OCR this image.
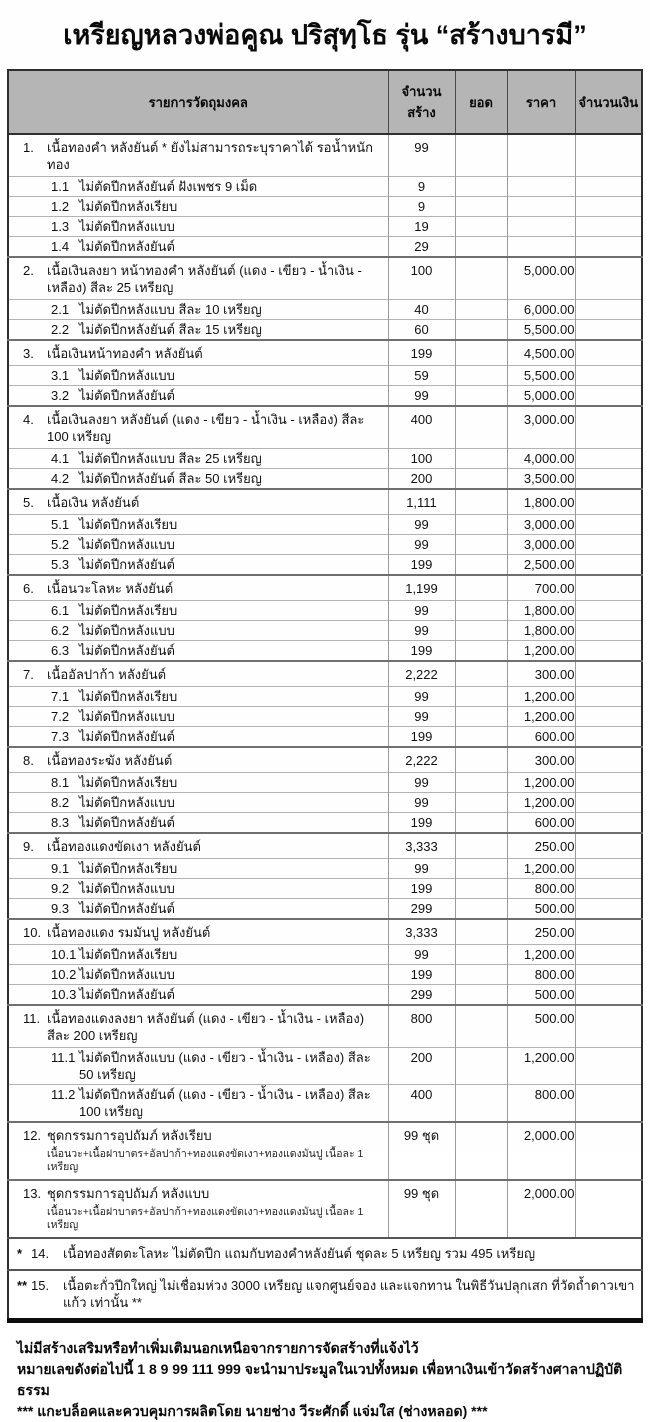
เหรียญหลวงพ่อคูณ ปริสุทฺโธ รุ่น “สร้างบารมี”
รายการวัดถุมงคล	จำนวนสร้าง	ยอด	ราคา	จำนวนเงิน

1. เนื้อทองคำ หลังยันต์ * ยังไม่สามารถระบุราคาได้ รอน้ำหนักทอง	99			

1.1 ไม่ตัดปีกหลังยันต์ ฝังเพชร 9 เม็ด	9			

1.2 ไม่ตัดปีกหลังเรียบ	9			

1.3 ไม่ตัดปีกหลังแบบ	19			

1.4 ไม่ตัดปีกหลังยันต์	29			

2. เนื้อเงินลงยา หน้าทองคำ หลังยันต์ (แดง - เขียว - น้ำเงิน - เหลือง) สีละ 25 เหรียญ	100		5,000.00	

2.1 ไม่ตัดปีกหลังแบบ สีละ 10 เหรียญ	40		6,000.00	

2.2 ไม่ตัดปีกหลังยันต์ สีละ 15 เหรียญ	60		5,500.00	

3. เนื้อเงินหน้าทองคำ หลังยันต์	199		4,500.00	

3.1 ไม่ตัดปีกหลังแบบ	59		5,500.00	

3.2 ไม่ตัดปีกหลังยันต์	99		5,000.00	

4. เนื้อเงินลงยา หลังยันต์ (แดง - เขียว - น้ำเงิน - เหลือง) สีละ 100 เหรียญ	400		3,000.00	

4.1 ไม่ตัดปีกหลังแบบ สีละ 25 เหรียญ	100		4,000.00	

4.2 ไม่ตัดปีกหลังยันต์ สีละ 50 เหรียญ	200		3,500.00	

5. เนื้อเงิน หลังยันต์	1,111		1,800.00	

5.1 ไม่ตัดปีกหลังเรียบ	99		3,000.00	

5.2 ไม่ตัดปีกหลังแบบ	99		3,000.00	

5.3 ไม่ตัดปีกหลังยันต์	199		2,500.00	

6. เนื้อนวะโลหะ หลังยันต์	1,199		700.00	

6.1 ไม่ตัดปีกหลังเรียบ	99		1,800.00	

6.2 ไม่ตัดปีกหลังแบบ	99		1,800.00	

6.3 ไม่ตัดปีกหลังยันต์	199		1,200.00	

7. เนื้ออัลปาก้า หลังยันต์	2,222		300.00	

7.1 ไม่ตัดปีกหลังเรียบ	99		1,200.00	

7.2 ไม่ตัดปีกหลังแบบ	99		1,200.00	

7.3 ไม่ตัดปีกหลังยันต์	199		600.00	

8. เนื้อทองระฆัง หลังยันต์	2,222		300.00	

8.1 ไม่ตัดปีกหลังเรียบ	99		1,200.00	

8.2 ไม่ตัดปีกหลังแบบ	99		1,200.00	

8.3 ไม่ตัดปีกหลังยันต์	199		600.00	

9. เนื้อทองแดงขัดเงา หลังยันต์	3,333		250.00	

9.1 ไม่ตัดปีกหลังเรียบ	99		1,200.00	

9.2 ไม่ตัดปีกหลังแบบ	199		800.00	

9.3 ไม่ตัดปีกหลังยันต์	299		500.00	

10. เนื้อทองแดง รมมันปู หลังยันต์	3,333		250.00	

10.1 ไม่ตัดปีกหลังเรียบ	99		1,200.00	

10.2 ไม่ตัดปีกหลังแบบ	199		800.00	

10.3 ไม่ตัดปีกหลังยันต์	299		500.00	

11. เนื้อทองแดงลงยา หลังยันต์ (แดง - เขียว - น้ำเงิน - เหลือง) สีละ 200 เหรียญ	800		500.00	

11.1 ไม่ตัดปีกหลังแบบ (แดง - เขียว - น้ำเงิน - เหลือง) สีละ 50 เหรียญ	200		1,200.00	

11.2 ไม่ตัดปีกหลังยันต์ (แดง - เขียว - น้ำเงิน - เหลือง) สีละ 100 เหรียญ	400		800.00	

12. ชุดกรรมการอุปถัมภ์ หลังเรียบ
เนื้อนวะ+เนื้อฝาบาตร+อัลปาก้า+ทองแดงขัดเงา+ทองแดงมันปู เนื้อละ 1 เหรียญ	99 ชุด		2,000.00	

13. ชุดกรรมการอุปถัมภ์ หลังแบบ
เนื้อนวะ+เนื้อฝาบาตร+อัลปาก้า+ทองแดงขัดเงา+ทองแดงมันปู เนื้อละ 1 เหรียญ	99 ชุด		2,000.00	

* 14. เนื้อทองสัตตะโลหะ ไม่ตัดปีก แถมกับทองคำหลังยันต์ ชุดละ 5 เหรียญ รวม 495 เหรียญ				

** 15. เนื้อตะกั่วปีกใหญ่ ไม่เชื่อมห่วง 3000 เหรียญ แจกศูนย์จอง และแจกทาน ในพิธีวันปลุกเสก ที่วัดถ้ำดาวเขาแก้ว เท่านั้น **				
ไม่มีสร้างเสริมหรือทำเพิ่มเติมนอกเหนือจากรายการจัดสร้างที่แจ้งไว้
หมายเลขดังต่อไปนี้ 1 8 9 99 111 999 จะนำมาประมูลในเวปทั้งหมด เพื่อหาเงินเข้าวัดสร้างศาลาปฏิบัติธรรม
*** แกะบล็อคและควบคุมการผลิตโดย นายช่าง วีระศักดิ์ แจ่มใส (ช่างหลอด) ***
